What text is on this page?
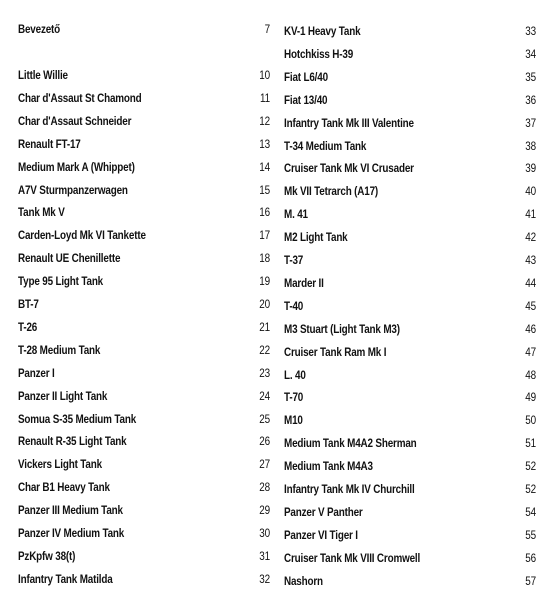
Bevezető	7
Little Willie	10
Char d'Assaut St Chamond	11
Char d'Assaut Schneider	12
Renault FT-17	13
Medium Mark A (Whippet)	14
A7V Sturmpanzerwagen	15
Tank Mk V	16
Carden-Loyd Mk VI Tankette	17
Renault UE Chenillette	18
Type 95 Light Tank	19
BT-7	20
T-26	21
T-28 Medium Tank	22
Panzer I	23
Panzer II Light Tank	24
Somua S-35 Medium Tank	25
Renault R-35 Light Tank	26
Vickers Light Tank	27
Char B1 Heavy Tank	28
Panzer III Medium Tank	29
Panzer IV Medium Tank	30
PzKpfw 38(t)	31
Infantry Tank Matilda	32
KV-1 Heavy Tank	33
Hotchkiss H-39	34
Fiat L6/40	35
Fiat 13/40	36
Infantry Tank Mk III Valentine	37
T-34 Medium Tank	38
Cruiser Tank Mk VI Crusader	39
Mk VII Tetrarch (A17)	40
M. 41	41
M2 Light Tank	42
T-37	43
Marder II	44
T-40	45
M3 Stuart (Light Tank M3)	46
Cruiser Tank Ram Mk I	47
L. 40	48
T-70	49
M10	50
Medium Tank M4A2 Sherman	51
Medium Tank M4A3	52
Infantry Tank Mk IV Churchill	52
Panzer V Panther	54
Panzer VI Tiger I	55
Cruiser Tank Mk VIII Cromwell	56
Nashorn	57
